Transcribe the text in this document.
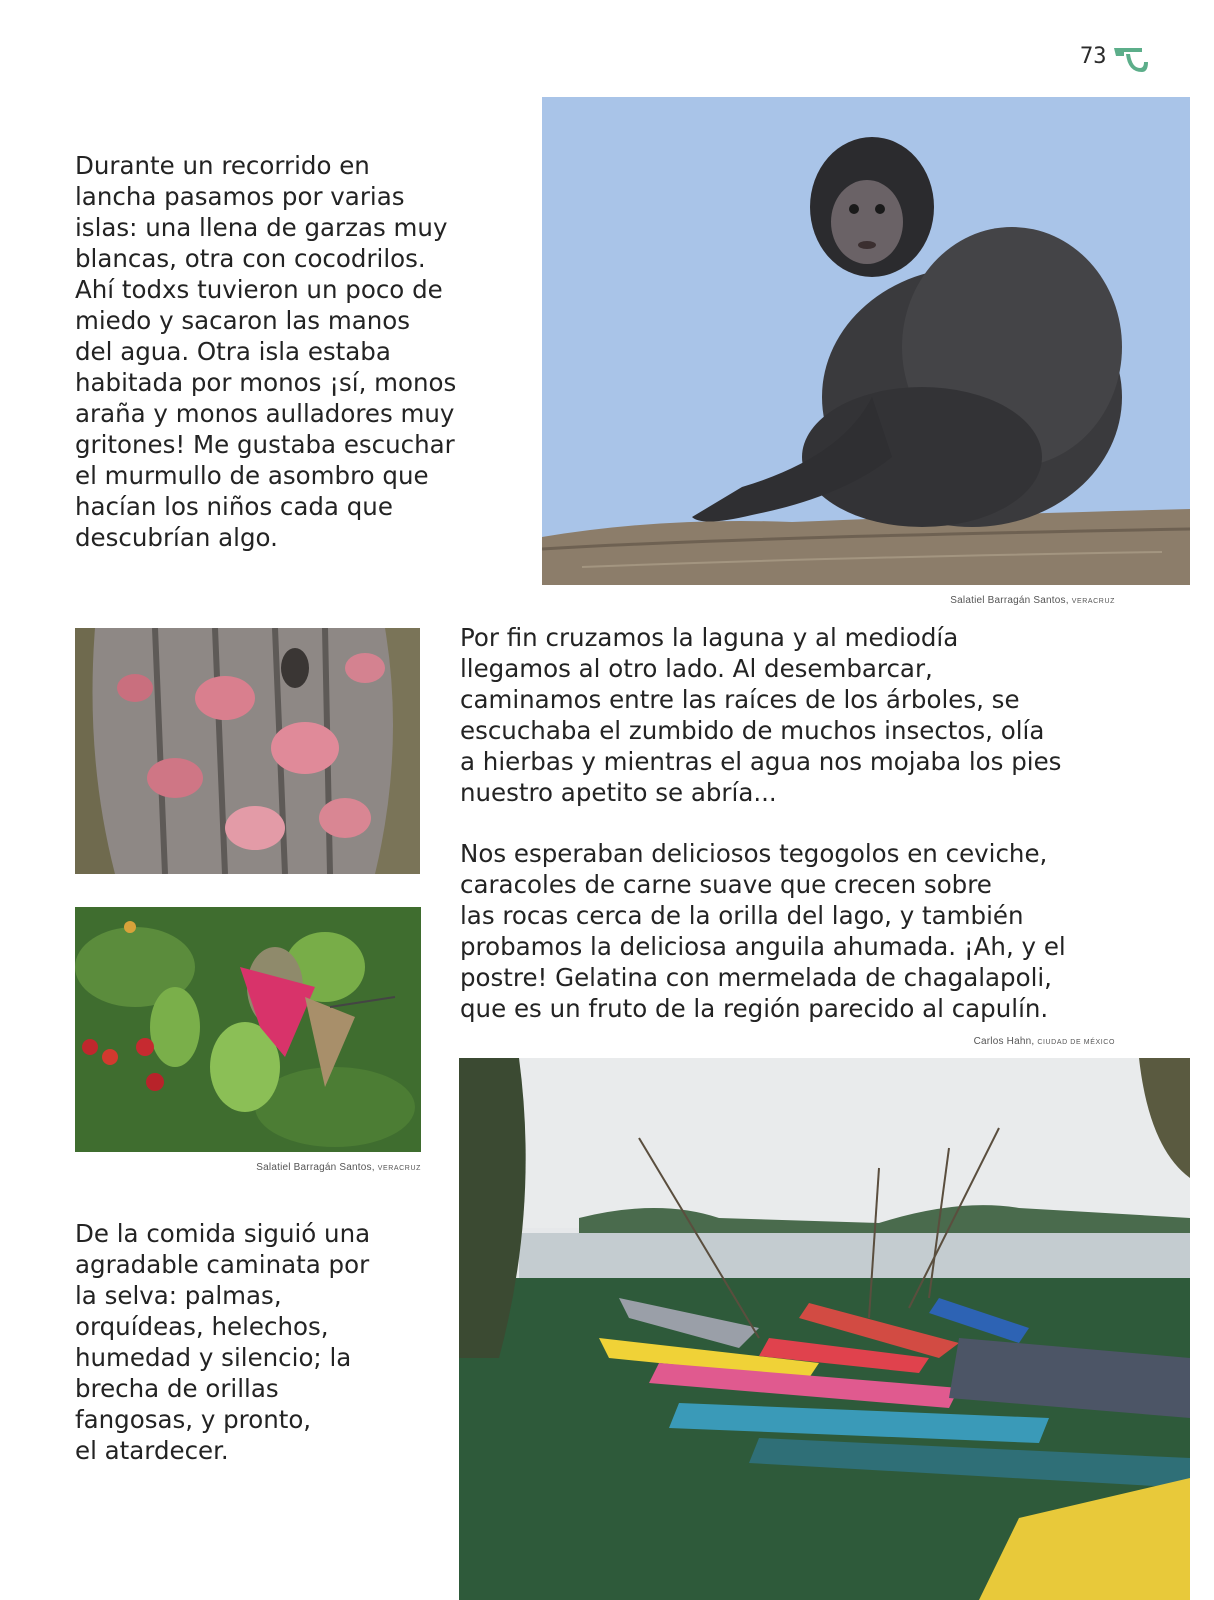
73

Durante un recorrido en
lancha pasamos por varias
islas: una llena de garzas muy
blancas, otra con cocodrilos.
Ahí todxs tuvieron un poco de
miedo y sacaron las manos
del agua. Otra isla estaba
habitada por monos ¡sí, monos
araña y monos aulladores muy
gritones! Me gustaba escuchar
el murmullo de asombro que
hacían los niños cada que
descubrían algo.

Salatiel Barragán Santos, VERACRUZ
Salatiel Barragán Santos, VERACRUZ

Por fin cruzamos la laguna y al mediodía
llegamos al otro lado. Al desembarcar,
caminamos entre las raíces de los árboles, se
escuchaba el zumbido de muchos insectos, olía
a hierbas y mientras el agua nos mojaba los pies
nuestro apetito se abría...

Nos esperaban deliciosos tegogolos en ceviche,
caracoles de carne suave que crecen sobre
las rocas cerca de la orilla del lago, y también
probamos la deliciosa anguila ahumada. ¡Ah, y el
postre! Gelatina con mermelada de chagalapoli,
que es un fruto de la región parecido al capulín.

Carlos Hahn, CIUDAD DE MÉXICO

De la comida siguió una
agradable caminata por
la selva: palmas,
orquídeas, helechos,
humedad y silencio; la
brecha de orillas
fangosas, y pronto,
el atardecer.
